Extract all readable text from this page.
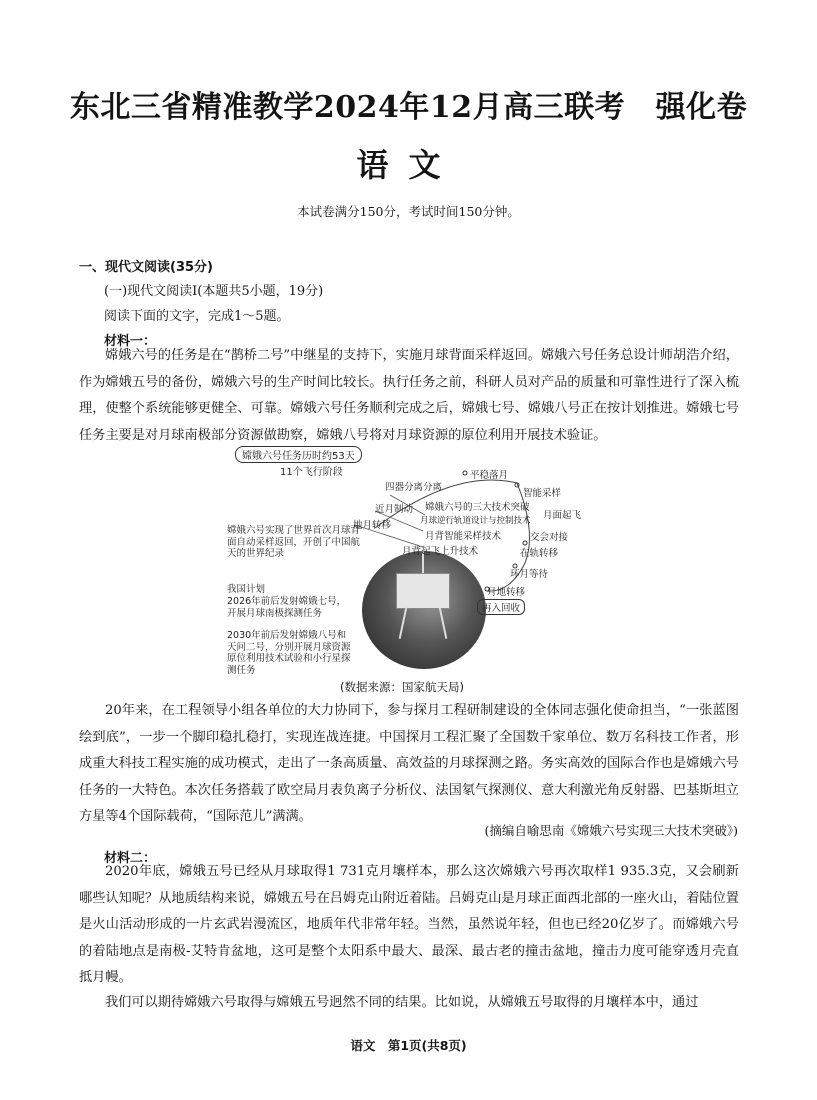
东北三省精准教学2024年12月高三联考　强化卷
语文
本试卷满分150分，考试时间150分钟。
一、现代文阅读(35分)
(一)现代文阅读Ⅰ(本题共5小题，19分)
阅读下面的文字，完成1～5题。
材料一：
嫦娥六号的任务是在“鹊桥二号”中继星的支持下，实施月球背面采样返回。嫦娥六号任务总设计师胡浩介绍，作为嫦娥五号的备份，嫦娥六号的生产时间比较长。执行任务之前，科研人员对产品的质量和可靠性进行了深入梳理，使整个系统能够更健全、可靠。嫦娥六号任务顺利完成之后，嫦娥七号、嫦娥八号正在按计划推进。嫦娥七号任务主要是对月球南极部分资源做勘察，嫦娥八号将对月球资源的原位利用开展技术验证。
嫦娥六号任务历时约53天
11个飞行阶段	平稳落月
四器分离分离
近月制动
地月转移
嫦娥六号的三大技术突破
月球逆行轨道设计与控制技术
月背智能采样技术
月背起飞上升技术
智能采样
月面起飞
交会对接
在轨转移
环月等待
月地转移
再入回收
嫦娥六号实现了世界首次月球背面自动采样返回，开创了中国航天的世界纪录
我国计划
2026年前后发射嫦娥七号，开展月球南极探测任务
2030年前后发射嫦娥八号和天问二号，分别开展月球资源原位利用技术试验和小行星探测任务
(数据来源：国家航天局)
20年来，在工程领导小组各单位的大力协同下，参与探月工程研制建设的全体同志强化使命担当，“一张蓝图绘到底”，一步一个脚印稳扎稳打，实现连战连捷。中国探月工程汇聚了全国数千家单位、数万名科技工作者，形成重大科技工程实施的成功模式，走出了一条高质量、高效益的月球探测之路。务实高效的国际合作也是嫦娥六号任务的一大特色。本次任务搭载了欧空局月表负离子分析仪、法国氡气探测仪、意大利激光角反射器、巴基斯坦立方星等4个国际载荷，“国际范儿”满满。
(摘编自喻思南《嫦娥六号实现三大技术突破》)
材料二：
2020年底，嫦娥五号已经从月球取得1 731克月壤样本，那么这次嫦娥六号再次取样1 935.3克，又会刷新哪些认知呢？从地质结构来说，嫦娥五号在吕姆克山附近着陆。吕姆克山是月球正面西北部的一座火山，着陆位置是火山活动形成的一片玄武岩漫流区，地质年代非常年轻。当然，虽然说年轻，但也已经20亿岁了。而嫦娥六号的着陆地点是南极-艾特肯盆地，这可是整个太阳系中最大、最深、最古老的撞击盆地，撞击力度可能穿透月壳直抵月幔。
我们可以期待嫦娥六号取得与嫦娥五号迥然不同的结果。比如说，从嫦娥五号取得的月壤样本中，通过
语文　第1页(共8页)
